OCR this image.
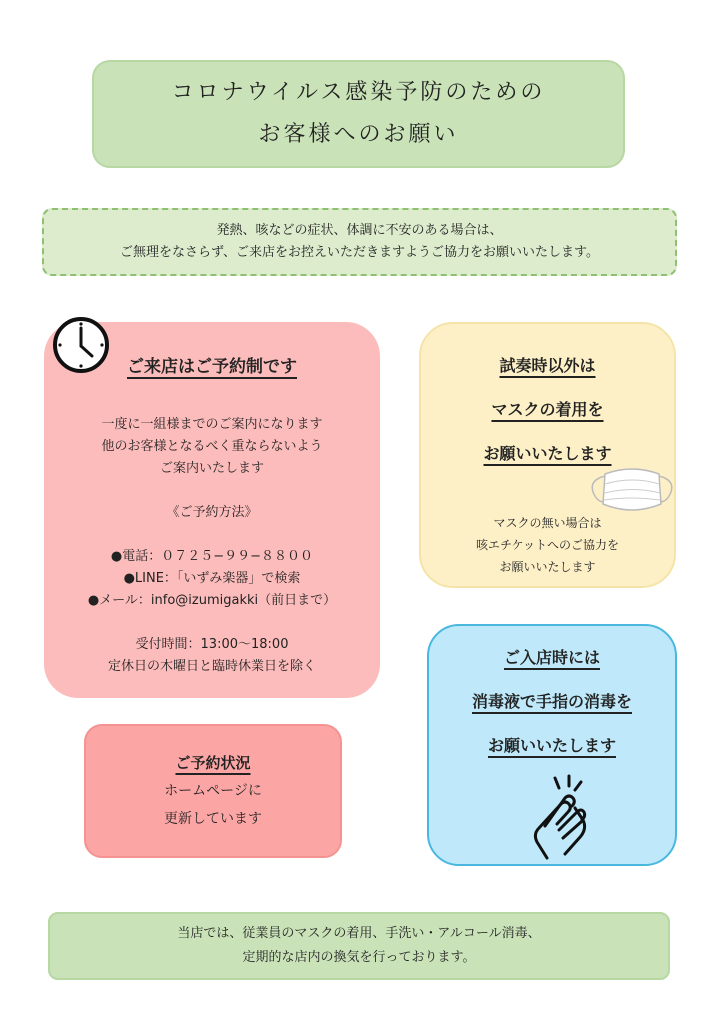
コロナウイルス感染予防のための
お客様へのお願い
発熱、咳などの症状、体調に不安のある場合は、
ご無理をなさらず、ご来店をお控えいただきますようご協力をお願いいたします。
ご来店はご予約制です

一度に一組様までのご案内になります

他のお客様となるべく重ならないよう

ご案内いたします

《ご予約方法》

●電話：０７２５−９９−８８００

●LINE：「いずみ楽器」で検索

●メール：info@izumigakki（前日まで）

受付時間：13:00〜18:00

定休日の木曜日と臨時休業日を除く

試奏時以外は
マスクの着用を
お願いいたします
マスクの無い場合は
咳エチケットへのご協力を
お願いいたします
ご予約状況
ホームページに
更新しています
ご入店時には
消毒液で手指の消毒を
お願いいたします
当店では、従業員のマスクの着用、手洗い・アルコール消毒、
定期的な店内の換気を行っております。
